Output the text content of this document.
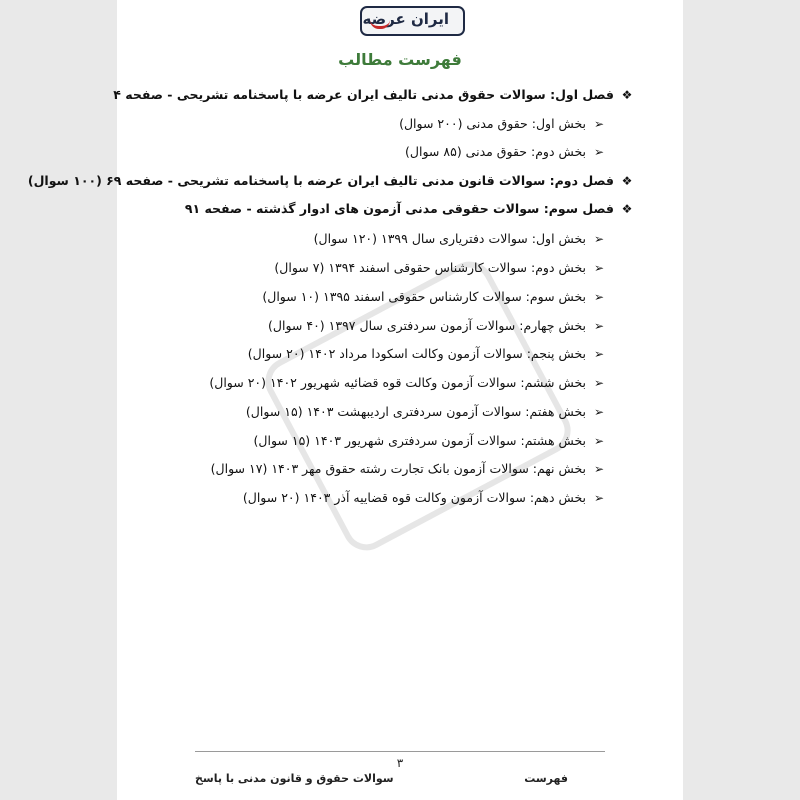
ایران عرضه
فهرست مطالب
❖فصل اول: سوالات حقوق مدنی تالیف ایران عرضه با پاسخنامه تشریحی - صفحه ۴
➢بخش اول: حقوق مدنی (۲۰۰ سوال)
➢بخش دوم: حقوق مدنی (۸۵ سوال)
❖فصل دوم: سوالات قانون مدنی تالیف ایران عرضه با پاسخنامه تشریحی - صفحه ۶۹ (۱۰۰ سوال)
❖فصل سوم: سوالات حقوقی مدنی آزمون های ادوار گذشته - صفحه ۹۱
➢بخش اول: سوالات دفتریاری سال ۱۳۹۹ (۱۲۰ سوال)
➢بخش دوم: سوالات کارشناس حقوقی اسفند ۱۳۹۴ (۷ سوال)
➢بخش سوم: سوالات کارشناس حقوقی اسفند ۱۳۹۵ (۱۰ سوال)
➢بخش چهارم: سوالات آزمون سردفتری سال ۱۳۹۷ (۴۰ سوال)
➢بخش پنجم: سوالات آزمون وکالت اسکودا مرداد ۱۴۰۲ (۲۰ سوال)
➢بخش ششم: سوالات آزمون وکالت قوه قضائیه شهریور ۱۴۰۲ (۲۰ سوال)
➢بخش هفتم: سوالات آزمون سردفتری اردیبهشت ۱۴۰۳ (۱۵ سوال)
➢بخش هشتم: سوالات آزمون سردفتری شهریور ۱۴۰۳ (۱۵ سوال)
➢بخش نهم: سوالات آزمون بانک تجارت رشته حقوق مهر ۱۴۰۳ (۱۷ سوال)
➢بخش دهم: سوالات آزمون وکالت قوه قضاییه آذر ۱۴۰۳ (۲۰ سوال)
۳
فهرست
سوالات حقوق و قانون مدنی با پاسخ
